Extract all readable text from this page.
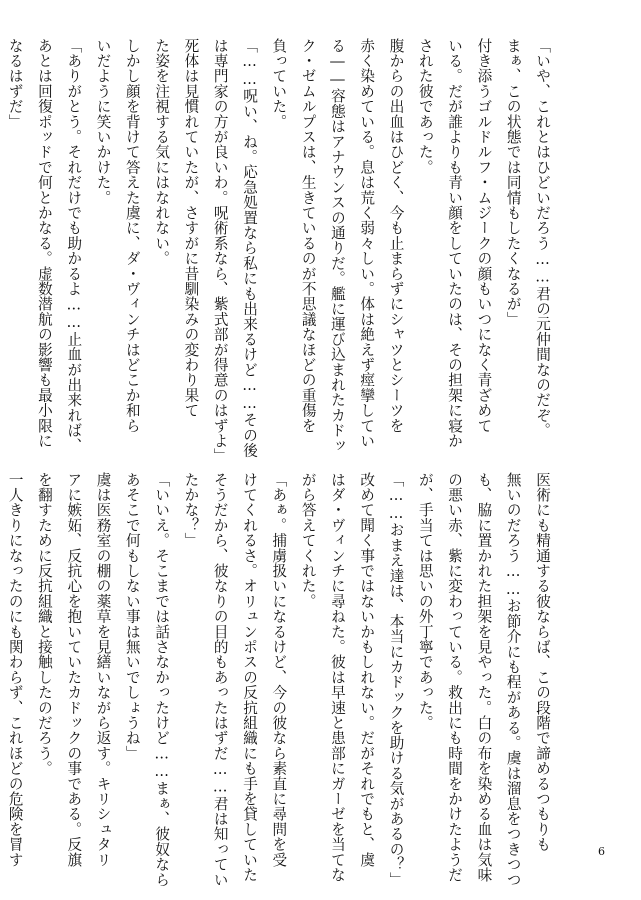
「いや、これとはひどいだろう……君の元仲間なのだぞ。
まぁ、この状態では同情もしたくなるが」
付き添うゴルドルフ・ムジークの顔もいつになく青ざめて
いる。だが誰よりも青い顔をしていたのは、その担架に寝か
された彼であった。
腹からの出血はひどく、今も止まらずにシャツとシーツを
赤く染めている。息は荒く弱々しい。体は絶えず痙攣してい
る――容態はアナウンスの通りだ。艦に運び込まれたカドッ
ク・ゼムルプスは、生きているのが不思議なほどの重傷を
負っていた。
「……呪い、ね。応急処置なら私にも出来るけど……その後
は専門家の方が良いわ。呪術系なら、紫式部が得意のはずよ」
死体は見慣れていたが、さすがに昔馴染みの変わり果て
た姿を注視する気にはなれない。
しかし顔を背けて答えた虞に、ダ・ヴィンチはどこか和ら
いだように笑いかけた。
「ありがとう。それだけでも助かるよ……止血が出来れば、
あとは回復ポッドで何とかなる。虚数潜航の影響も最小限に
なるはずだ」
医術にも精通する彼ならば、この段階で諦めるつもりも
無いのだろう……お節介にも程がある。虞は溜息をつきつつ
も、脇に置かれた担架を見やった。白の布を染める血は気味
の悪い赤、紫に変わっている。救出にも時間をかけたようだ
が、手当ては思いの外丁寧であった。
「……おまえ達は、本当にカドックを助ける気があるの？」
改めて聞く事ではないかもしれない。だがそれでもと、虞
はダ・ヴィンチに尋ねた。彼は早速と患部にガーゼを当てな
がら答えてくれた。
「あぁ。捕虜扱いになるけど、今の彼なら素直に尋問を受
けてくれるさ。オリュンポスの反抗組織にも手を貸していた
そうだから、彼なりの目的もあったはずだ……君は知ってい
たかな？」
「いいえ。そこまでは話さなかったけど……まぁ、彼奴なら
あそこで何もしない事は無いでしょうね」
虞は医務室の棚の薬草を見繕いながら返す。キリシュタリ
アに嫉妬、反抗心を抱いていたカドックの事である。反旗
を翻すために反抗組織と接触したのだろう。
一人きりになったのにも関わらず、これほどの危険を冒す	6
